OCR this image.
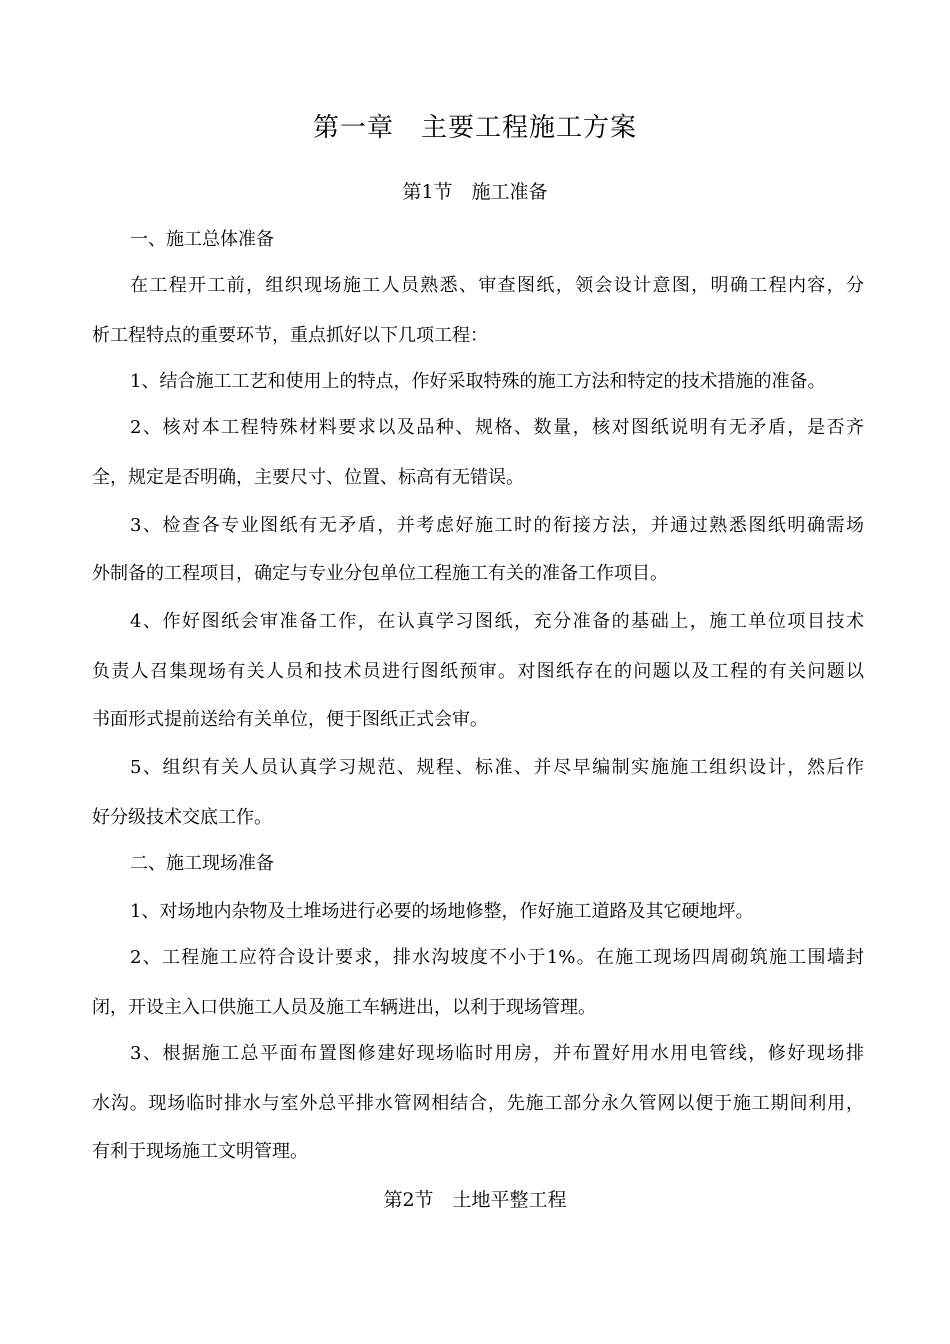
第一章　主要工程施工方案
第1节　施工准备
一、施工总体准备
在工程开工前，组织现场施工人员熟悉、审查图纸，领会设计意图，明确工程内容，分
析工程特点的重要环节，重点抓好以下几项工程：
1、结合施工工艺和使用上的特点，作好采取特殊的施工方法和特定的技术措施的准备。
2、核对本工程特殊材料要求以及品种、规格、数量，核对图纸说明有无矛盾，是否齐
全，规定是否明确，主要尺寸、位置、标高有无错误。
3、检查各专业图纸有无矛盾，并考虑好施工时的衔接方法，并通过熟悉图纸明确需场
外制备的工程项目，确定与专业分包单位工程施工有关的准备工作项目。
4、作好图纸会审准备工作，在认真学习图纸，充分准备的基础上，施工单位项目技术
负责人召集现场有关人员和技术员进行图纸预审。对图纸存在的问题以及工程的有关问题以
书面形式提前送给有关单位，便于图纸正式会审。
5、组织有关人员认真学习规范、规程、标准、并尽早编制实施施工组织设计，然后作
好分级技术交底工作。
二、施工现场准备
1、对场地内杂物及土堆场进行必要的场地修整，作好施工道路及其它硬地坪。
2、工程施工应符合设计要求，排水沟坡度不小于1%。在施工现场四周砌筑施工围墙封
闭，开设主入口供施工人员及施工车辆进出，以利于现场管理。
3、根据施工总平面布置图修建好现场临时用房，并布置好用水用电管线，修好现场排
水沟。现场临时排水与室外总平排水管网相结合，先施工部分永久管网以便于施工期间利用，
有利于现场施工文明管理。
第2节　土地平整工程
